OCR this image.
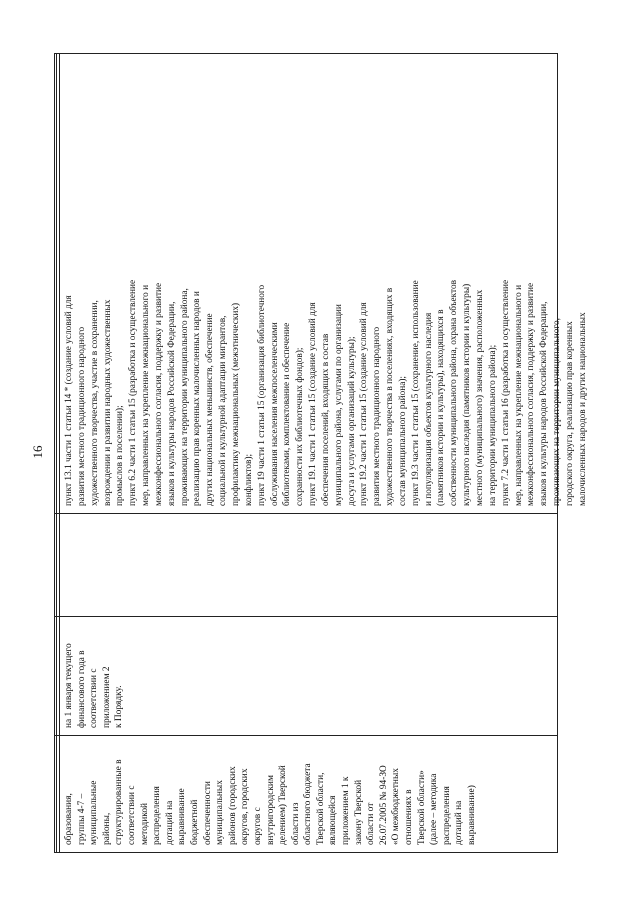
16
образования,
группы 4-7 –
муниципальные
районы,
структурированные в
соответствии с
методикой
распределения
дотаций на
выравнивание
бюджетной
обеспеченности
муниципальных
районов (городских
округов, городских
округов с
внутригородским
делением) Тверской
области из
областного бюджета
Тверской области,
являющейся
приложением 1 к
закону Тверской
области от
26.07.2005 № 94-ЗО
«О межбюджетных
отношениях в
Тверской области»
(далее – методика
распределения
дотаций на
выравнивание)
на 1 января текущего
финансового года в
соответствии с
приложением 2
к Порядку.
пункт 13.1 части 1 статьи 14 * (создание условий для
развития местного традиционного народного
художественного творчества, участие в сохранении,
возрождении и развитии народных художественных
промыслов в поселении);
пункт 6.2 части 1 статьи 15 (разработка и осуществление
мер, направленных на укрепление межнационального и
межконфессионального согласия, поддержку и развитие
языков и культуры народов Российской Федерации,
проживающих на территории муниципального района,
реализацию прав коренных малочисленных народов и
других национальных меньшинств, обеспечение
социальной и культурной адаптации мигрантов,
профилактику межнациональных (межэтнических)
конфликтов);
пункт 19 части 1 статьи 15 (организация библиотечного
обслуживания населения межпоселенческими
библиотеками, комплектование и обеспечение
сохранности их библиотечных фондов);
пункт 19.1 части 1 статьи 15 (создание условий для
обеспечения поселений, входящих в состав
муниципального района, услугами по организации
досуга и услугами организаций культуры);
пункт 19.2 части 1 статьи 15 (создание условий для
развития местного традиционного народного
художественного творчества в поселениях, входящих в
состав муниципального района);
пункт 19.3 части 1 статьи 15 (сохранение, использование
и популяризация объектов культурного наследия
(памятников истории и культуры), находящихся в
собственности муниципального района, охрана объектов
культурного наследия (памятников истории и культуры)
местного (муниципального) значения, расположенных
на территории муниципального района);
пункт 7.2 части 1 статьи 16 (разработка и осуществление
мер, направленных на укрепление межнационального и
межконфессионального согласия, поддержку и развитие
языков и культуры народов Российской Федерации,
проживающих на территории муниципального,
городского округа, реализацию прав коренных
малочисленных народов и других национальных
